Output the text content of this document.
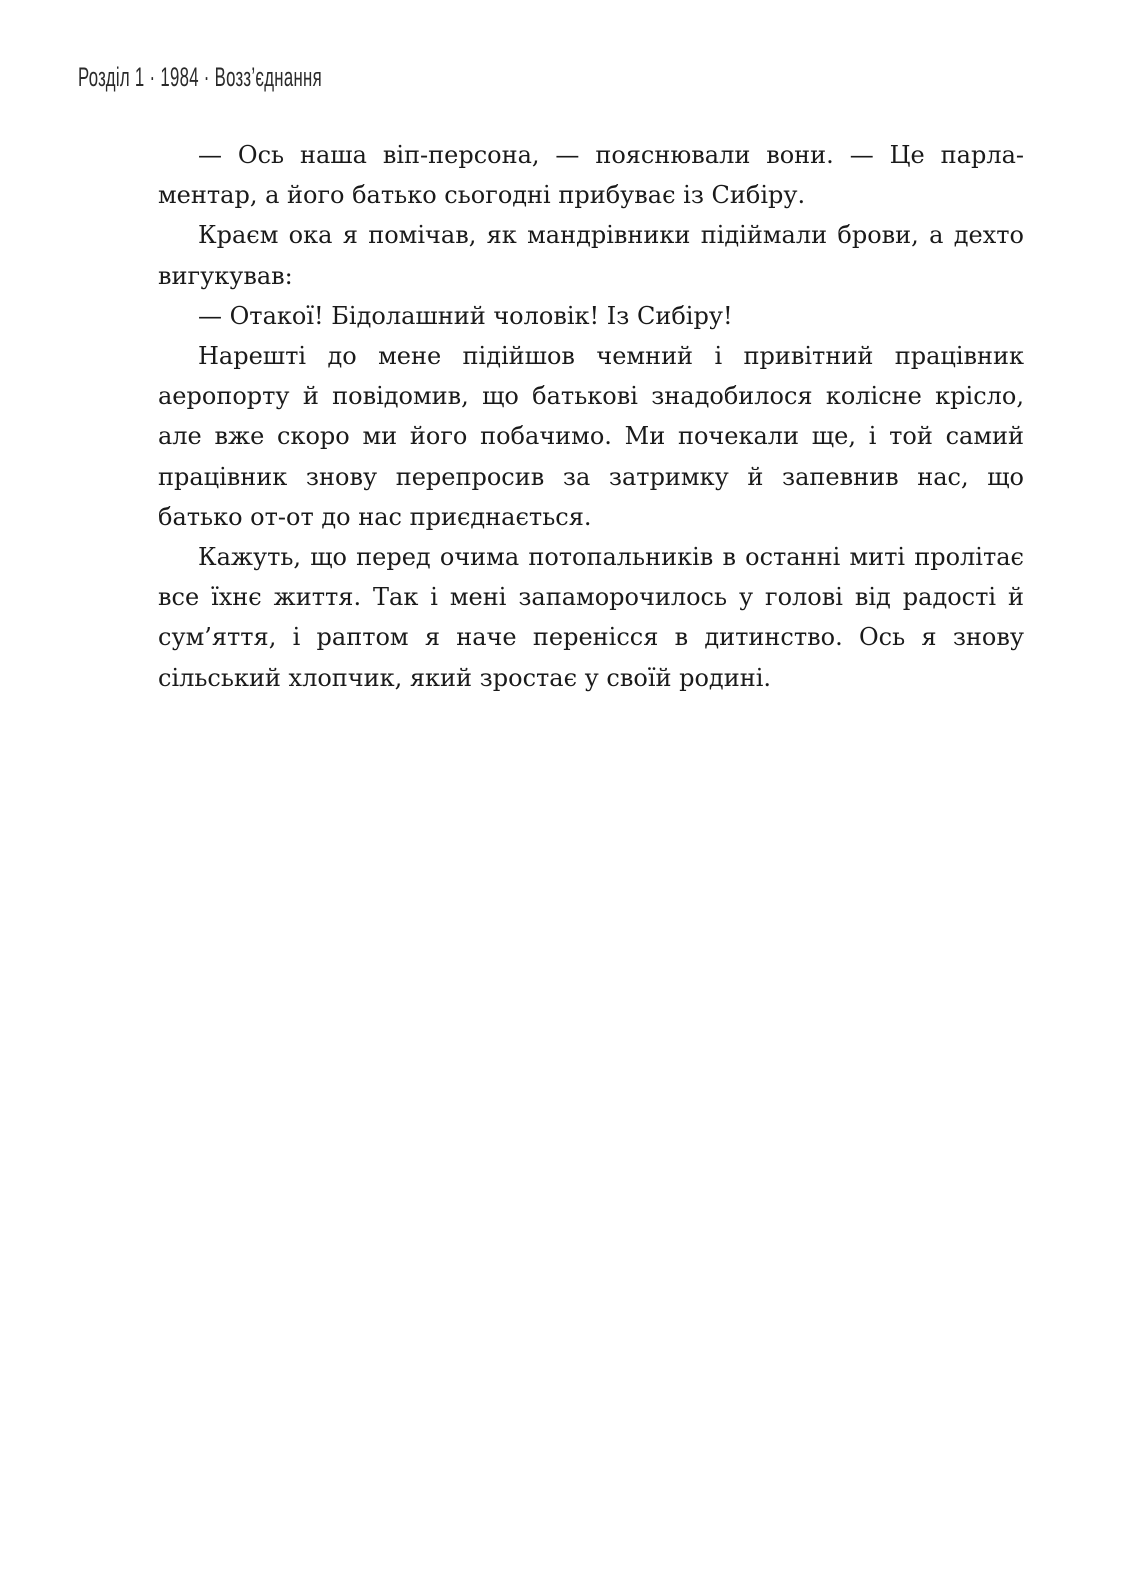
Розділ 1 · 1984 · Возз’єднання

— Ось наша віп-персона, — пояснювали вони. — Це парламентар, а його батько сьогодні прибуває із Сибіру.

Краєм ока я помічав, як мандрівники підіймали брови, а дехто вигукував:

— Отакої! Бідолашний чоловік! Із Сибіру!

Нарешті до мене підійшов чемний і привітний працівник аеропорту й повідомив, що батькові знадобилося колісне крісло, але вже скоро ми його побачимо. Ми почекали ще, і той самий працівник знову перепросив за затримку й запевнив нас, що батько от-от до нас приєднається.

Кажуть, що перед очима потопальників в останні миті пролітає все їхнє життя. Так і мені запаморочилось у голові від радості й сум’яття, і раптом я наче перенісся в дитинство. Ось я знову сільський хлопчик, який зростає у своїй родині.
